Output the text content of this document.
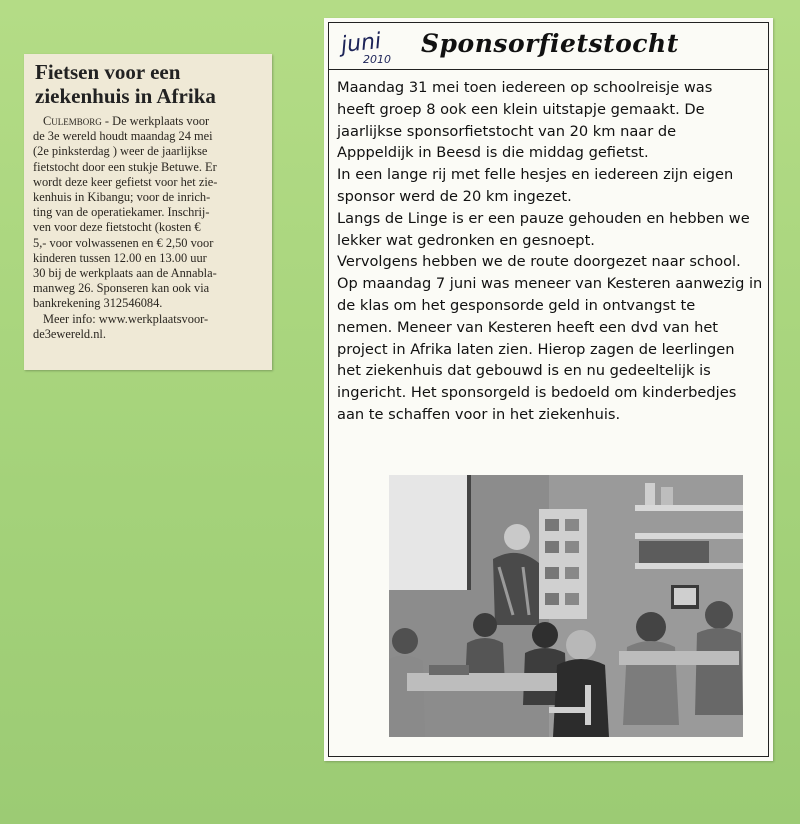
Fietsen voor een
ziekenhuis in Afrika
Culemborg - De werkplaats voor
de 3e wereld houdt maandag 24 mei
(2e pinksterdag ) weer de jaarlijkse
fietstocht door een stukje Betuwe. Er
wordt deze keer gefietst voor het zie-
kenhuis in Kibangu; voor de inrich-
ting van de operatiekamer. Inschrij-
ven voor deze fietstocht (kosten €
5,- voor volwassenen en € 2,50 voor
kinderen tussen 12.00 en 13.00 uur
30 bij de werkplaats aan de Annabla-
manweg 26. Sponseren kan ook via
bankrekening 312546084.
Meer info: www.werkplaatsvoor-
de3ewereld.nl.
juni
2010
Sponsorfietstocht
Maandag 31 mei toen iedereen op schoolreisje was
heeft groep 8 ook een klein uitstapje gemaakt. De
jaarlijkse sponsorfietstocht van 20 km naar de
Apppeldijk in Beesd is die middag gefietst.
In een lange rij met felle hesjes en iedereen zijn eigen
sponsor werd de 20 km ingezet.
Langs de Linge is er een pauze gehouden en hebben we
lekker wat gedronken en gesnoept.
Vervolgens hebben we de route doorgezet naar school.
Op maandag 7 juni was meneer van Kesteren aanwezig in
de klas om het gesponsorde geld in ontvangst te
nemen. Meneer van Kesteren heeft een dvd van het
project in Afrika laten zien. Hierop zagen de leerlingen
het ziekenhuis dat gebouwd is en nu gedeeltelijk is
ingericht. Het sponsorgeld is bedoeld om kinderbedjes
aan te schaffen voor in het ziekenhuis.
